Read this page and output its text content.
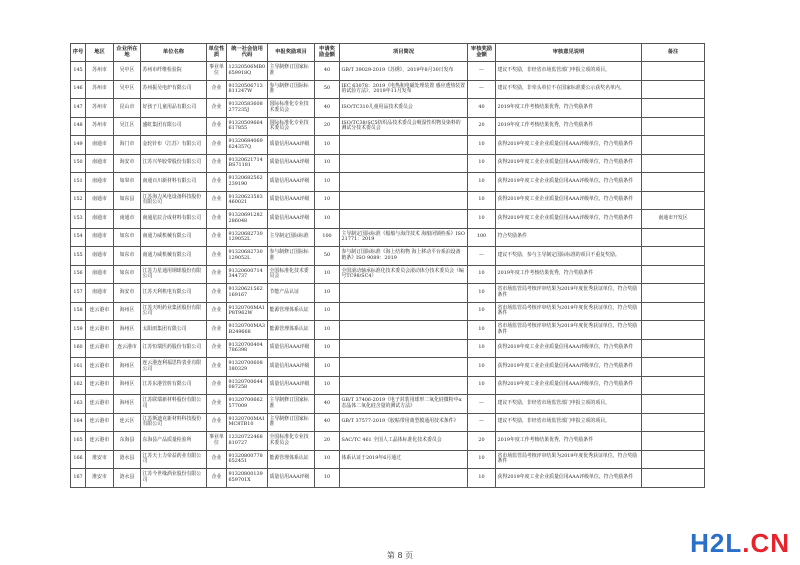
序号	地区	企业所在地	单位名称	单位性质	统一社会信用代码	申报奖励项目	申请奖励金额	项目简况	审核奖励金额	审核意见说明	备注
145	苏州市	吴中区	苏州市纤维检验院	事业单位	12320506MB0659918Q	主导制修订国家标准	40	GB/T 39029-2019《苏绣》，2019年8月30日发布	—	建议不奖励，非经省市场监管部门申报立项的项目。	
146	苏州市	吴中区	苏州振吴电炉有限公司	企业	91320506713811247W	参与制修订国际标准	50	IEC 63078：2019《电热和电磁处理装置 感应透热装置的试验方法》，2019年11月发布	—	建议不奖励，非牵头单位不在国家标准委公示获奖名单内。	
147	苏州市	昆山市	好孩子儿童用品有限公司	企业	91320583608277235J	国际标准化专业技术委员会	40	ISO/TC310儿童用品技术委员会	40	2019年度工作考核结果优秀，符合奖励条件	
148	苏州市	吴江区	盛虹集团有限公司	企业	91320509664617855	国际标准化专业技术委员会	20	ISO/TC38/SC5纺织品技术委员会吸湿性织物及染料的测试分技术委员会	20	2019年度工作考核结果优秀，符合奖励条件	
149	南通市	海门市	金轮针布（江苏）有限公司	企业	91320684069624357Q	质量信用AAA评级	10		10	获得2019年度工业企业质量信用AAA评级单位，符合奖励条件	
150	南通市	海安市	江苏兴华胶带股份有限公司	企业	91320621714BS71181	质量信用AAA评级	10		10	获得2019年度工业企业质量信用AAA评级单位，符合奖励条件	
151	南通市	如皋市	南通百川新材料有限公司	企业	91320682562239190	质量信用AAA评级	10		10	获得2019年度工业企业质量信用AAA评级单位，符合奖励条件	
152	南通市	如东县	江苏海力风电设备科技股份有限公司	企业	91320623583460021	质量信用AAA评级	10		10	获得2019年度工业企业质量信用AAA评级单位，符合奖励条件	
153	南通市	南通市	南通星辰合成材料有限公司	企业	91320691282286048	质量信用AAA评级	10		10	获得2019年度工业企业质量信用AAA评级单位，符合奖励条件	南通市开发区
154	南通市	如东市	南通力威机械有限公司	企业	91320682730129052L	主导制定国际标准	100	主导制定国际标准《船舶与海洋技术 海船闭锁栓系》ISO 21771：2019	100	符合奖励条件	
155	南通市	如东市	南通力威机械有限公司	企业	91320682730129052L	参与制修订国际标准	50	参与制订国际标准《海上结构物 海上移动平台系泊设备 链条》ISO 9089：2019	—	建议不奖励，参与主导制定国际标准的项目不重复奖励。	
156	南通市	如东市	江苏力星通用钢球股份有限公司	企业	91320600714344737	全国标准化技术委员会	10	全国滚动轴承标准化技术委员会滚动体分技术委员会（编号TC98/SC4）	10	2019年度工作考核结果优秀，符合奖励条件	
157	南通市	海安市	江苏天利机电有限公司	企业	91320621562169167	节能产品认证	10		10	省市场监管局考核评审结果为2019年度优秀获证单位，符合奖励条件	
158	连云港市	海州区	江苏天明药业集团股份有限公司	企业	91320700MA1P8T962W	能源管理体系认证	10		10	省市场监管局考核评审结果为2019年度优秀获证单位，符合奖励条件	
159	连云港市	海州区	太阳雨集团有限公司	企业	91320700MA3B249668	能源管理体系认证	10		10	省市场监管局考核评审结果为2019年度优秀获证单位，符合奖励条件	
160	连云港市	连云港市	江苏恒瑞医药股份有限公司	企业	91320700404786398	质量信用AAA评级	10		10	获得2019年度工业企业质量信用AAA评级单位，符合奖励条件	
161	连云港市	海州区	连云港连利福思特表业有限公司	企业	91320700608380329	质量信用AAA评级	10		10	获得2019年度工业企业质量信用AAA评级单位，符合奖励条件	
162	连云港市	海州区	江苏东港管桩有限公司	企业	91320700644087258	质量信用AAA评级	10		10	获得2019年度工业企业质量信用AAA评级单位，符合奖励条件	
163	连云港市	海州区	江苏联瑞新材料股份有限公司	企业	91320700662577009	主导制修订国家标准	40	GB/T 37406-2019《电子封装用球形二氧化硅微粉中α态晶体二氧化硅含量的测试方法》	—	建议不奖励，非经省市场监管部门申报立项的项目。	
164	连云港市	连云区	江苏斯迪克新材料科技股份有限公司	企业	91320700MA1MC8TB10	主导制修订国家标准	40	GB/T 37577-2019《胶粘带用离型膜通用技术条件》	—	建议不奖励，非经省市场监管部门申报立项的项目。	
165	连云港市	东海县	东海县产品质量检验所	事业单位	12320722468810727	全国标准化专业技术委员会	20	SAC/TC 461 全国人工晶体标准化技术委员会	20	2019年度工作考核结果优秀，符合奖励条件	
166	淮安市	涟水县	江苏天士力帝益药业有限公司	企业	91320800778652451	能源管理体系认证	10	体系认证于2019年6月通过	10	省市场监管局考核评审结果为2019年度优秀获证单位，符合奖励条件	
167	淮安市	涟水县	江苏今世缘酒业股份有限公司	企业	91320800139659701X	质量信用AAA评级	10		10	获得2019年度工业企业质量信用AAA评级单位，符合奖励条件	
第 8 页	H2L.CN
